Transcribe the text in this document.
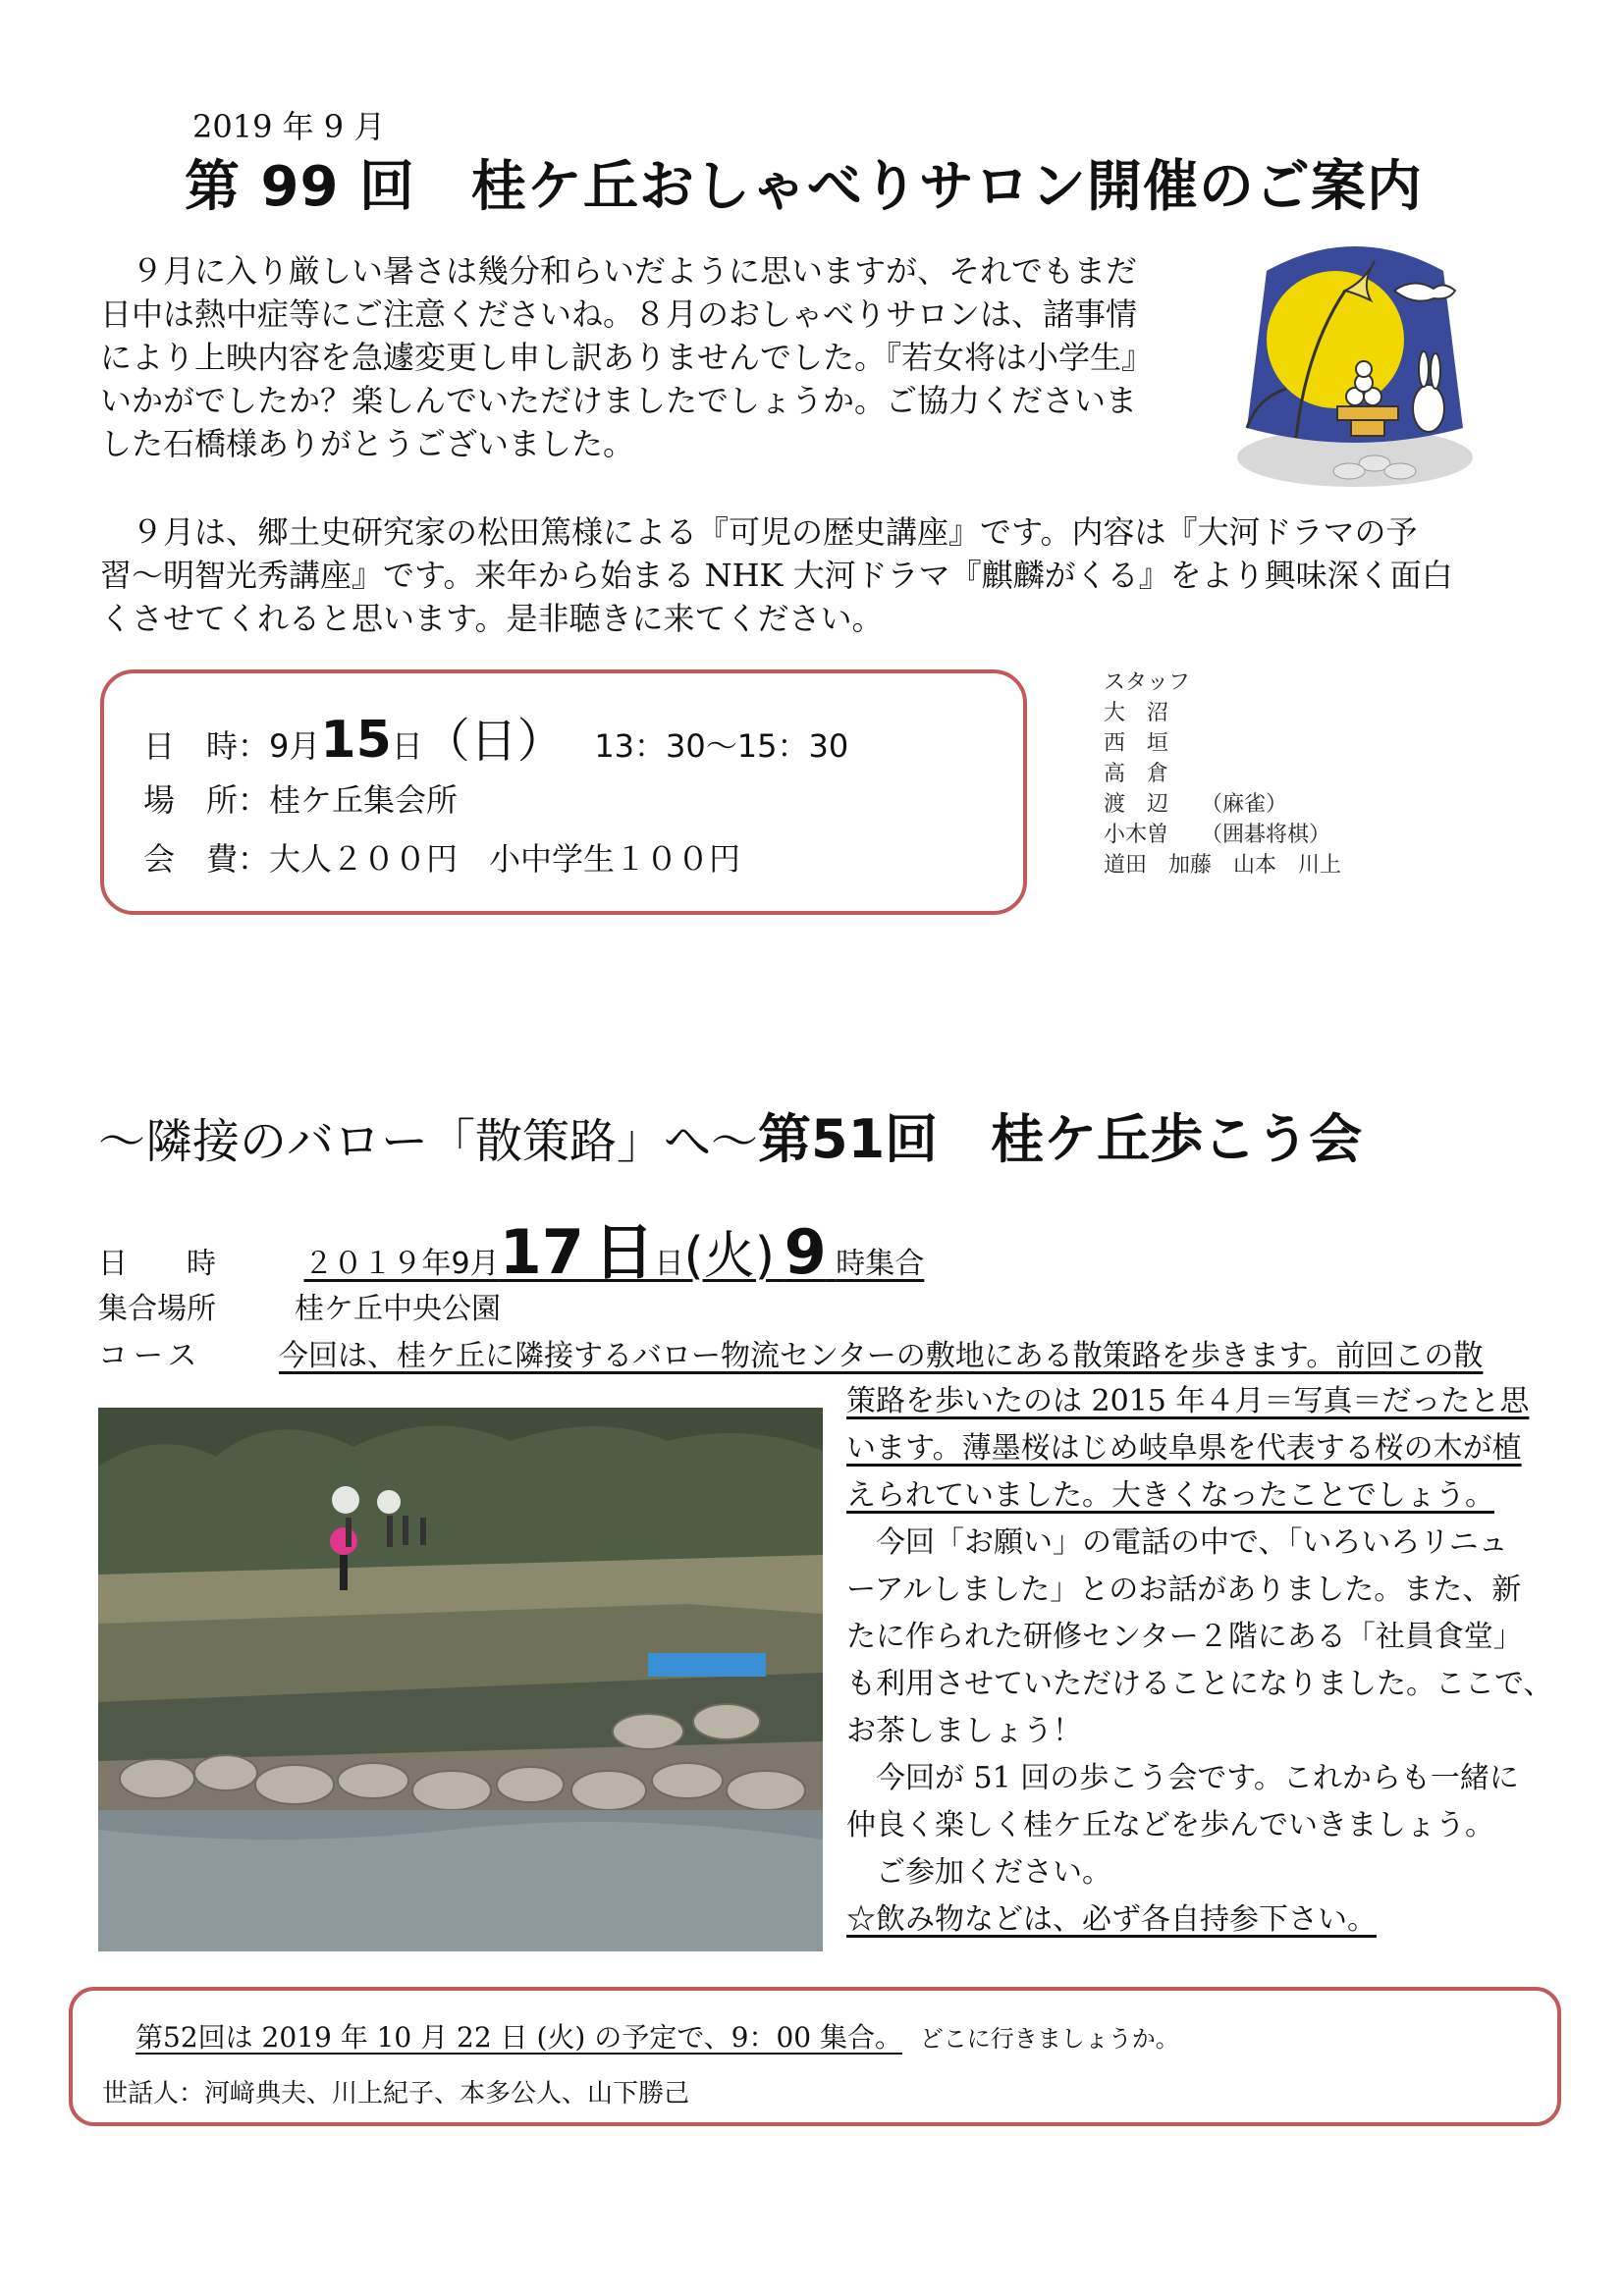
2019 年 9 月
第 99 回　桂ケ丘おしゃべりサロン開催のご案内

　９月に入り厳しい暑さは幾分和らいだように思いますが、それでもまだ

日中は熱中症等にご注意くださいね。８月のおしゃべりサロンは、諸事情

により上映内容を急遽変更し申し訳ありませんでした。『若女将は小学生』

いかがでしたか？楽しんでいただけましたでしょうか。ご協力くださいま

した石橋様ありがとうございました。

　９月は、郷土史研究家の松田篤様による『可児の歴史講座』です。内容は『大河ドラマの予

習～明智光秀講座』です。来年から始まる NHK 大河ドラマ『麒麟がくる』をより興味深く面白

くさせてくれると思います。是非聴きに来てください。

日　時：9月15日（日） 13：30～15：30
場　所：桂ケ丘集会所
会　費：大人２００円　小中学生１００円
スタッフ
大　沼
西　垣
高　倉
渡　辺　　（麻雀）
小木曽　　（囲碁将棋）
道田　加藤　山本　川上
～隣接のバロー「散策路」へ～第51回　桂ケ丘歩こう会
日　　時	２０１９年9月17 日日(火) 9 時集合
集合場所	桂ケ丘中央公園
コース	今回は、桂ケ丘に隣接するバロー物流センターの敷地にある散策路を歩きます。前回この散

策路を歩いたのは 2015 年４月＝写真＝だったと思

います。薄墨桜はじめ岐阜県を代表する桜の木が植

えられていました。大きくなったことでしょう。

　今回「お願い」の電話の中で、「いろいろリニュ

ーアルしました」とのお話がありました。また、新

たに作られた研修センター２階にある「社員食堂」

も利用させていただけることになりました。ここで、

お茶しましょう！

　今回が 51 回の歩こう会です。これからも一緒に

仲良く楽しく桂ケ丘などを歩んでいきましょう。

　ご参加ください。

☆飲み物などは、必ず各自持参下さい。

第52回は 2019 年 10 月 22 日 (火) の予定で、9：00 集合。 どこに行きましょうか。
世話人：河﨑典夫、川上紀子、本多公人、山下勝己
